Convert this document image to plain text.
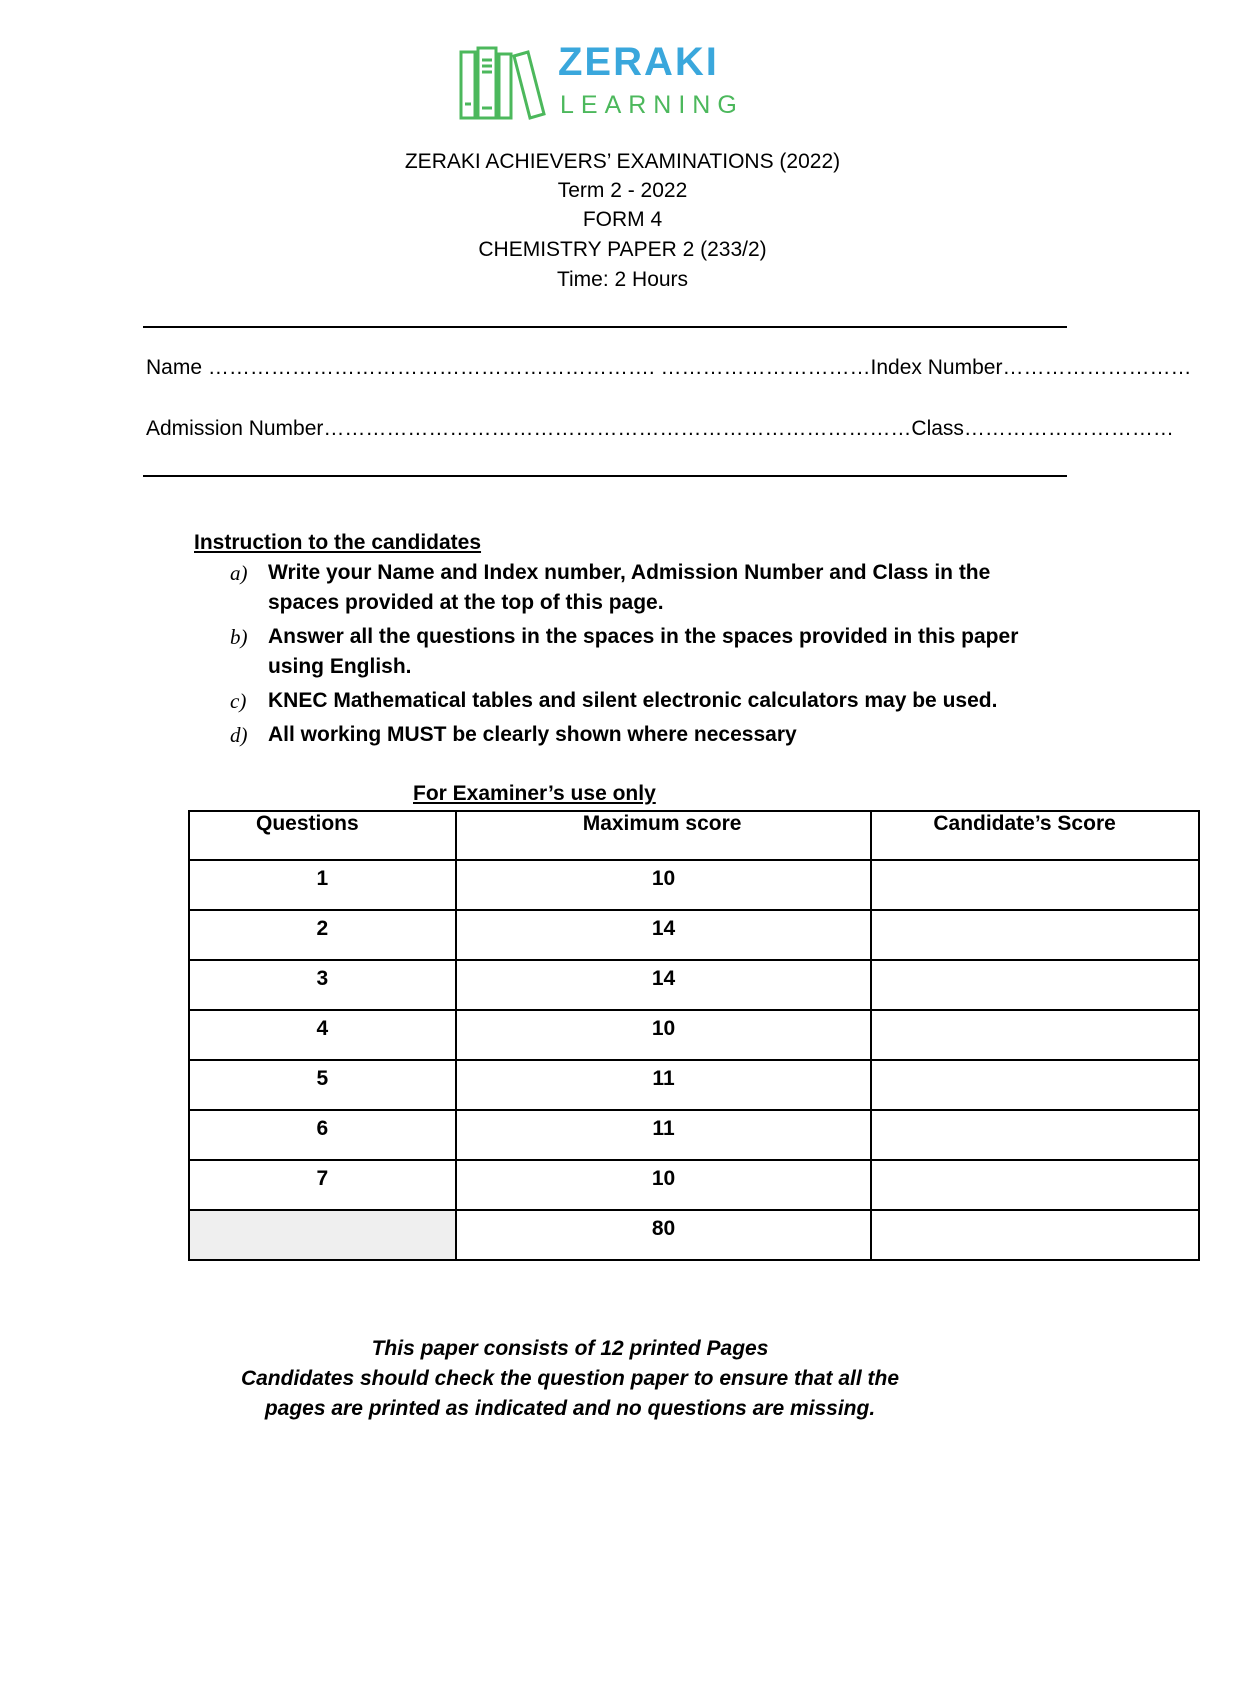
ZERAKI
LEARNING
ZERAKI ACHIEVERS’ EXAMINATIONS (2022)
Term 2 - 2022
FORM 4
CHEMISTRY PAPER 2 (233/2)
Time: 2 Hours
Name ………………………………………………………. …………………………Index Number………………………
Admission Number…………………………………………………………………………Class…………………………
Instruction to the candidates
a) Write your Name and Index number, Admission Number and Class in the spaces provided at the top of this page.
b) Answer all the questions in the spaces in the spaces provided in this paper using English.
c) KNEC Mathematical tables and silent electronic calculators may be used.
d) All working MUST be clearly shown where necessary
For Examiner’s use only
Questions	Maximum score	Candidate’s Score
1	10	
2	14	
3	14	
4	10	
5	11	
6	11	
7	10	
	80	
This paper consists of 12 printed Pages
Candidates should check the question paper to ensure that all the
pages are printed as indicated and no questions are missing.
